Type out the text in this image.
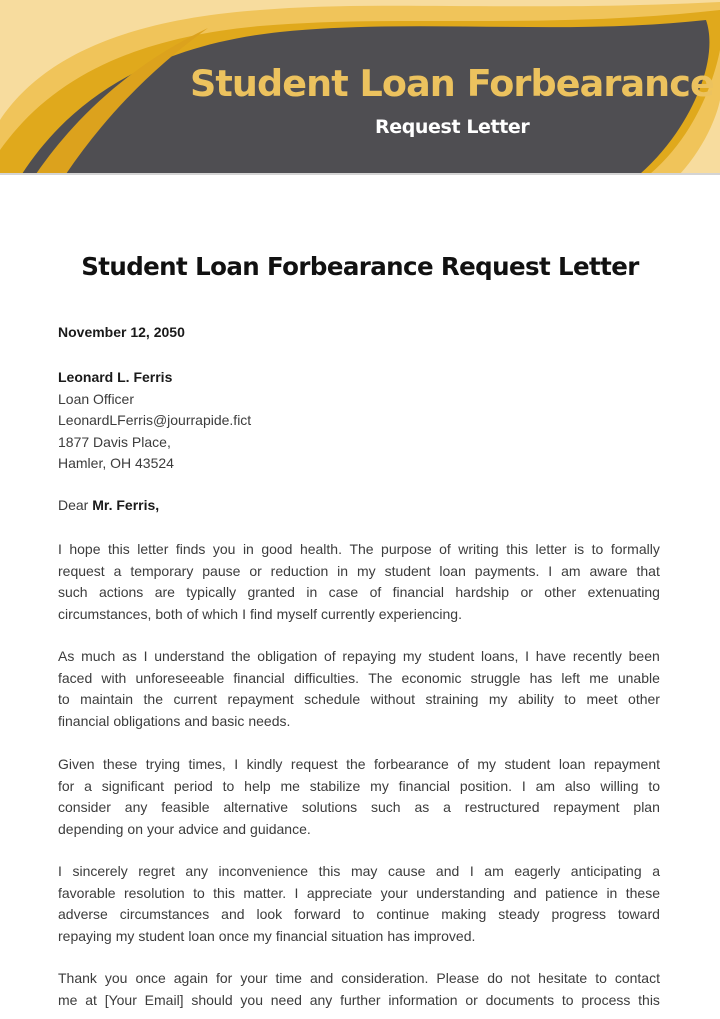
Student Loan Forbearance
Request Letter
Student Loan Forbearance Request Letter
November 12, 2050
Leonard L. Ferris
Loan Officer
LeonardLFerris@jourrapide.fict
1877 Davis Place,
Hamler, OH 43524
Dear Mr. Ferris,
I hope this letter finds you in good health. The purpose of writing this letter is to formally
request a temporary pause or reduction in my student loan payments. I am aware that
such actions are typically granted in case of financial hardship or other extenuating
circumstances, both of which I find myself currently experiencing.
As much as I understand the obligation of repaying my student loans, I have recently been
faced with unforeseeable financial difficulties. The economic struggle has left me unable
to maintain the current repayment schedule without straining my ability to meet other
financial obligations and basic needs.
Given these trying times, I kindly request the forbearance of my student loan repayment
for a significant period to help me stabilize my financial position. I am also willing to
consider any feasible alternative solutions such as a restructured repayment plan
depending on your advice and guidance.
I sincerely regret any inconvenience this may cause and I am eagerly anticipating a
favorable resolution to this matter. I appreciate your understanding and patience in these
adverse circumstances and look forward to continue making steady progress toward
repaying my student loan once my financial situation has improved.
Thank you once again for your time and consideration. Please do not hesitate to contact
me at [Your Email] should you need any further information or documents to process this
